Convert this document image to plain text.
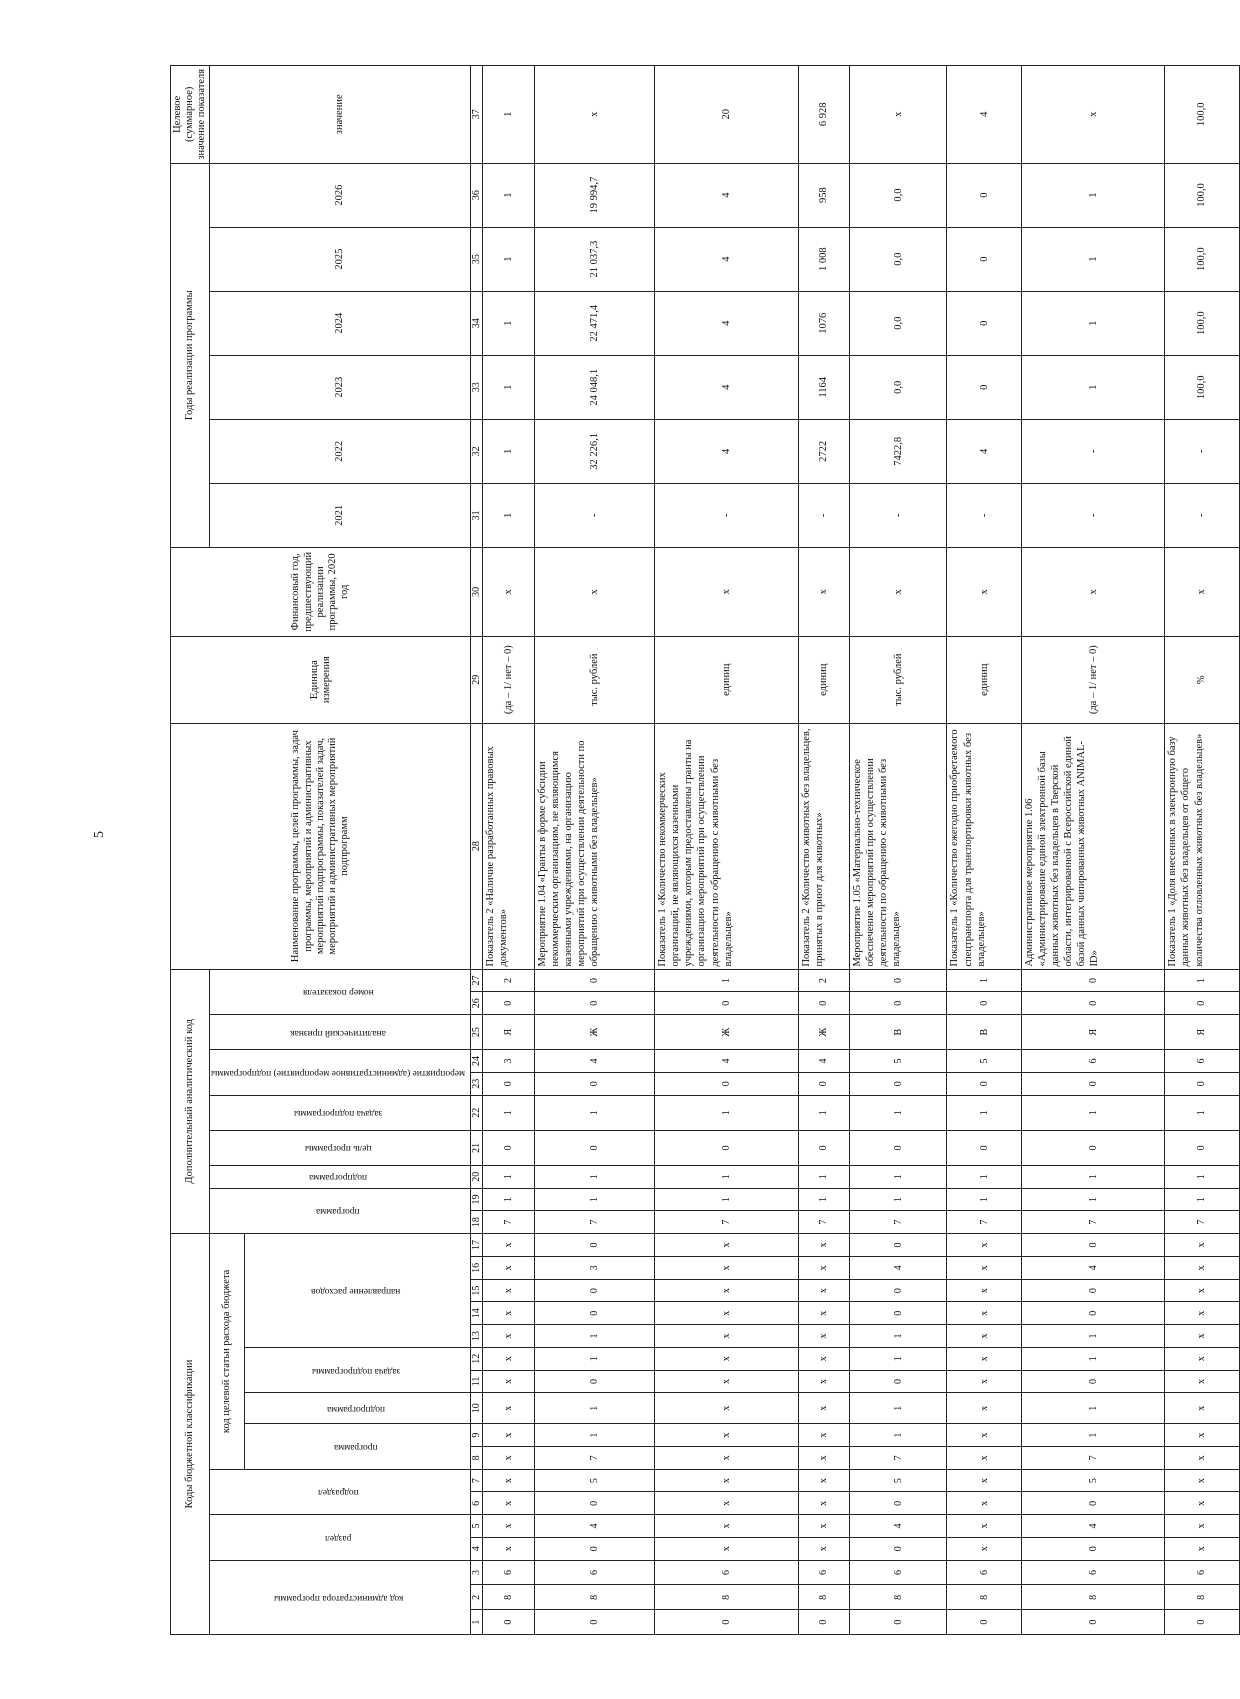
5
Коды бюджетной классификации																	Дополнительный аналитический код										Наименование программы, целей программы, задач программы, мероприятий и административных мероприятий подпрограммы, показателей задач, мероприятий и административных мероприятий подпрограмм	Единица измерения	Финансовый год, предшествующий реализации программы, 2020 год	Годы реализации программы						Целевое (суммарное) значение показателя
код администратора программы			раздел		подраздел		код целевой статьи расхода бюджета										программа		подпрограмма	цель программы	задача подпрограммы	мероприятие (административное мероприятие) подпрограммы		аналитический признак	номер показателя					2021	2022	2023	2024	2025	2026	значение
							программа		подпрограмма	задача подпрограммы		направление расходов																								
1	2	3	4	5	6	7	8	9	10	11	12	13	14	15	16	17	18	19	20	21	22	23	24	25	26	27	28	29	30	31	32	33	34	35	36	37
0	8	6	x	x	x	x	x	x	x	x	x	x	x	x	x	x	7	1	1	0	1	0	3	Я	0	2	Показатель 2 «Наличие разработанных правовых документов»	(да – 1/ нет – 0)	x	1	1	1	1	1	1	1
0	8	6	0	4	0	5	7	1	1	0	1	1	0	0	3	0	7	1	1	0	1	0	4	Ж	0	0	Мероприятие 1.04 «Гранты в форме субсидии некоммерческим организациям, не являющимся казенными учреждениями, на организацию мероприятий при осуществлении деятельности по обращению с животными без владельцев»	тыс. рублей	x	-	32 226,1	24 048,1	22 471,4	21 037,3	19 994,7	x
0	8	6	x	x	x	x	x	x	x	x	x	x	x	x	x	x	7	1	1	0	1	0	4	Ж	0	1	Показатель 1 «Количество некоммерческих организаций, не являющихся казенными учреждениями, которым предоставлены гранты на организацию мероприятий при осуществлении деятельности по обращению с животными без владельцев»	единиц	x	-	4	4	4	4	4	20
0	8	6	x	x	x	x	x	x	x	x	x	x	x	x	x	x	7	1	1	0	1	0	4	Ж	0	2	Показатель 2 «Количество животных без владельцев, принятых в приют для животных»	единиц	x	-	2722	1164	1076	1 008	958	6 928
0	8	6	0	4	0	5	7	1	1	0	1	1	0	0	4	0	7	1	1	0	1	0	5	В	0	0	Мероприятие 1.05 «Материально-техническое обеспечение мероприятий при осуществлении деятельности по обращению с животными без владельцев»	тыс. рублей	x	-	7422,8	0,0	0,0	0,0	0,0	x
0	8	6	x	x	x	x	x	x	x	x	x	x	x	x	x	x	7	1	1	0	1	0	5	В	0	1	Показатель 1 «Количество ежегодно приобретаемого спецтранспорта для транспортировки животных без владельцев»	единиц	x	-	4	0	0	0	0	4
0	8	6	0	4	0	5	7	1	1	0	1	1	0	0	4	0	7	1	1	0	1	0	6	Я	0	0	Административное мероприятие 1.06 «Администрирование единой электронной базы данных животных без владельцев в Тверской области, интегрированной с Всероссийской единой базой данных чипированных животных ANIMAL-ID»	(да – 1/ нет – 0)	x	-	-	1	1	1	1	x
0	8	6	x	x	x	x	x	x	x	x	x	x	x	x	x	x	7	1	1	0	1	0	6	Я	0	1	Показатель 1 «Доля внесенных в электронную базу данных животных без владельцев от общего количества отловленных животных без владельцев»	%	x	-	-	100,0	100,0	100,0	100,0	100,0
